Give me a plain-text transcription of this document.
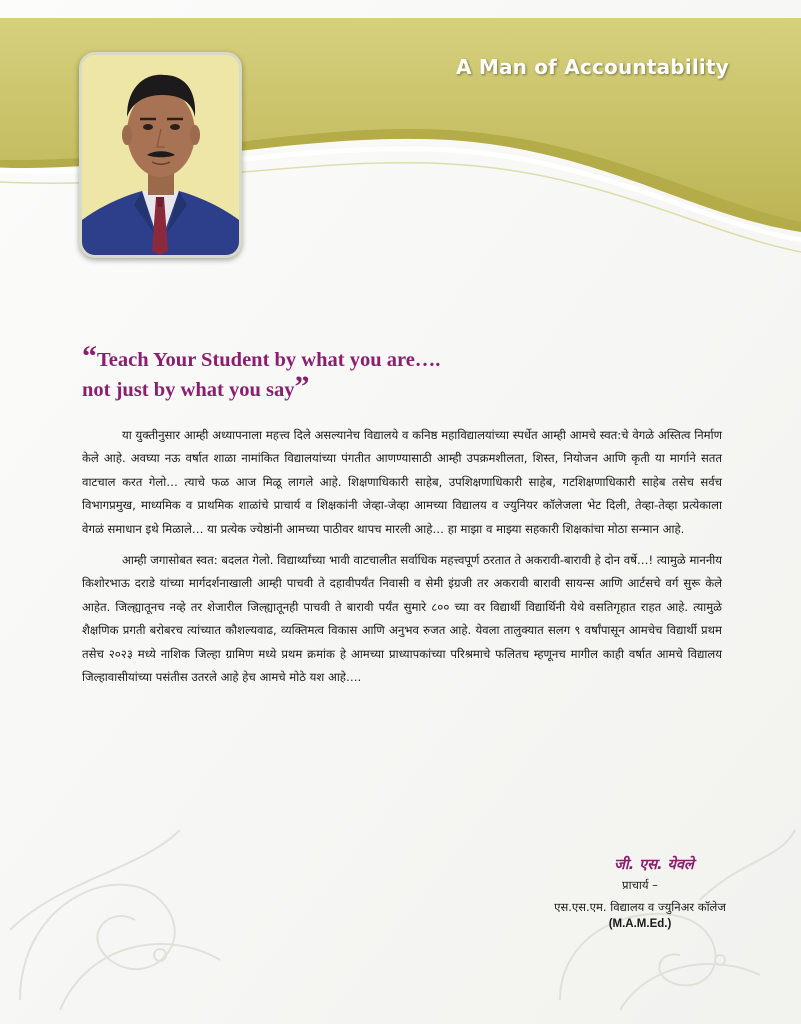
A Man of Accountability
“Teach Your Student by what you are….
not just by what you say”

या युक्तीनुसार आम्ही अध्यापनाला महत्त्व दिले असल्यानेच विद्यालये व कनिष्ठ महाविद्यालयांच्या स्पर्धेत आम्ही आमचे स्वत:चे वेगळे अस्तित्व निर्माण केले आहे. अवघ्या नऊ वर्षात शाळा नामांकित विद्यालयांच्या पंगतीत आणण्यासाठी आम्ही उपक्रमशीलता, शिस्त, नियोजन आणि कृती या मार्गाने सतत वाटचाल करत गेलो… त्याचे फळ आज मिळू लागले आहे. शिक्षणाधिकारी साहेब, उपशिक्षणाधिकारी साहेब, गटशिक्षणाधिकारी साहेब तसेच सर्वच विभागप्रमुख, माध्यमिक व प्राथमिक शाळांचे प्राचार्य व शिक्षकांनी जेव्हा-जेव्हा आमच्या विद्यालय व ज्युनियर कॉलेजला भेट दिली, तेव्हा-तेव्हा प्रत्येकाला वेगळं समाधान इथे मिळाले… या प्रत्येक ज्येष्ठांनी आमच्या पाठीवर थापच मारली आहे… हा माझा व माझ्या सहकारी शिक्षकांचा मोठा सन्मान आहे.

आम्ही जगासोबत स्वत: बदलत गेलो. विद्यार्थ्यांच्या भावी वाटचालीत सर्वाधिक महत्त्वपूर्ण ठरतात ते अकरावी-बारावी हे दोन वर्षे…! त्यामुळे माननीय किशोरभाऊ दराडे यांच्या मार्गदर्शनाखाली आम्ही पाचवी ते दहावीपर्यंत निवासी व सेमी इंग्रजी तर अकरावी बारावी सायन्स आणि आर्टसचे वर्ग सुरू केले आहेत. जिल्ह्यातूनच नव्हे तर शेजारील जिल्ह्यातूनही पाचवी ते बारावी पर्यंत सुमारे ८०० च्या वर विद्यार्थी विद्यार्थिनी येथे वसतिगृहात राहत आहे. त्यामुळे शैक्षणिक प्रगती बरोबरच त्यांच्यात कौशल्यवाढ, व्यक्तिमत्व विकास आणि अनुभव रुजत आहे. येवला तालुक्यात सलग ९ वर्षांपासून आमचेच विद्यार्थी प्रथम तसेच २०२३ मध्ये नाशिक जिल्हा ग्रामिण मध्ये प्रथम क्रमांक हे आमच्या प्राध्यापकांच्या परिश्रमाचे फलितच म्हणूनच मागील काही वर्षात आमचे विद्यालय जिल्हावासीयांच्या पसंतीस उतरले आहे हेच आमचे मोठे यश आहे….

जी. एस. येवले
प्राचार्य –
एस.एस.एम. विद्यालय व ज्युनिअर कॉलेज
(M.A.M.Ed.)
